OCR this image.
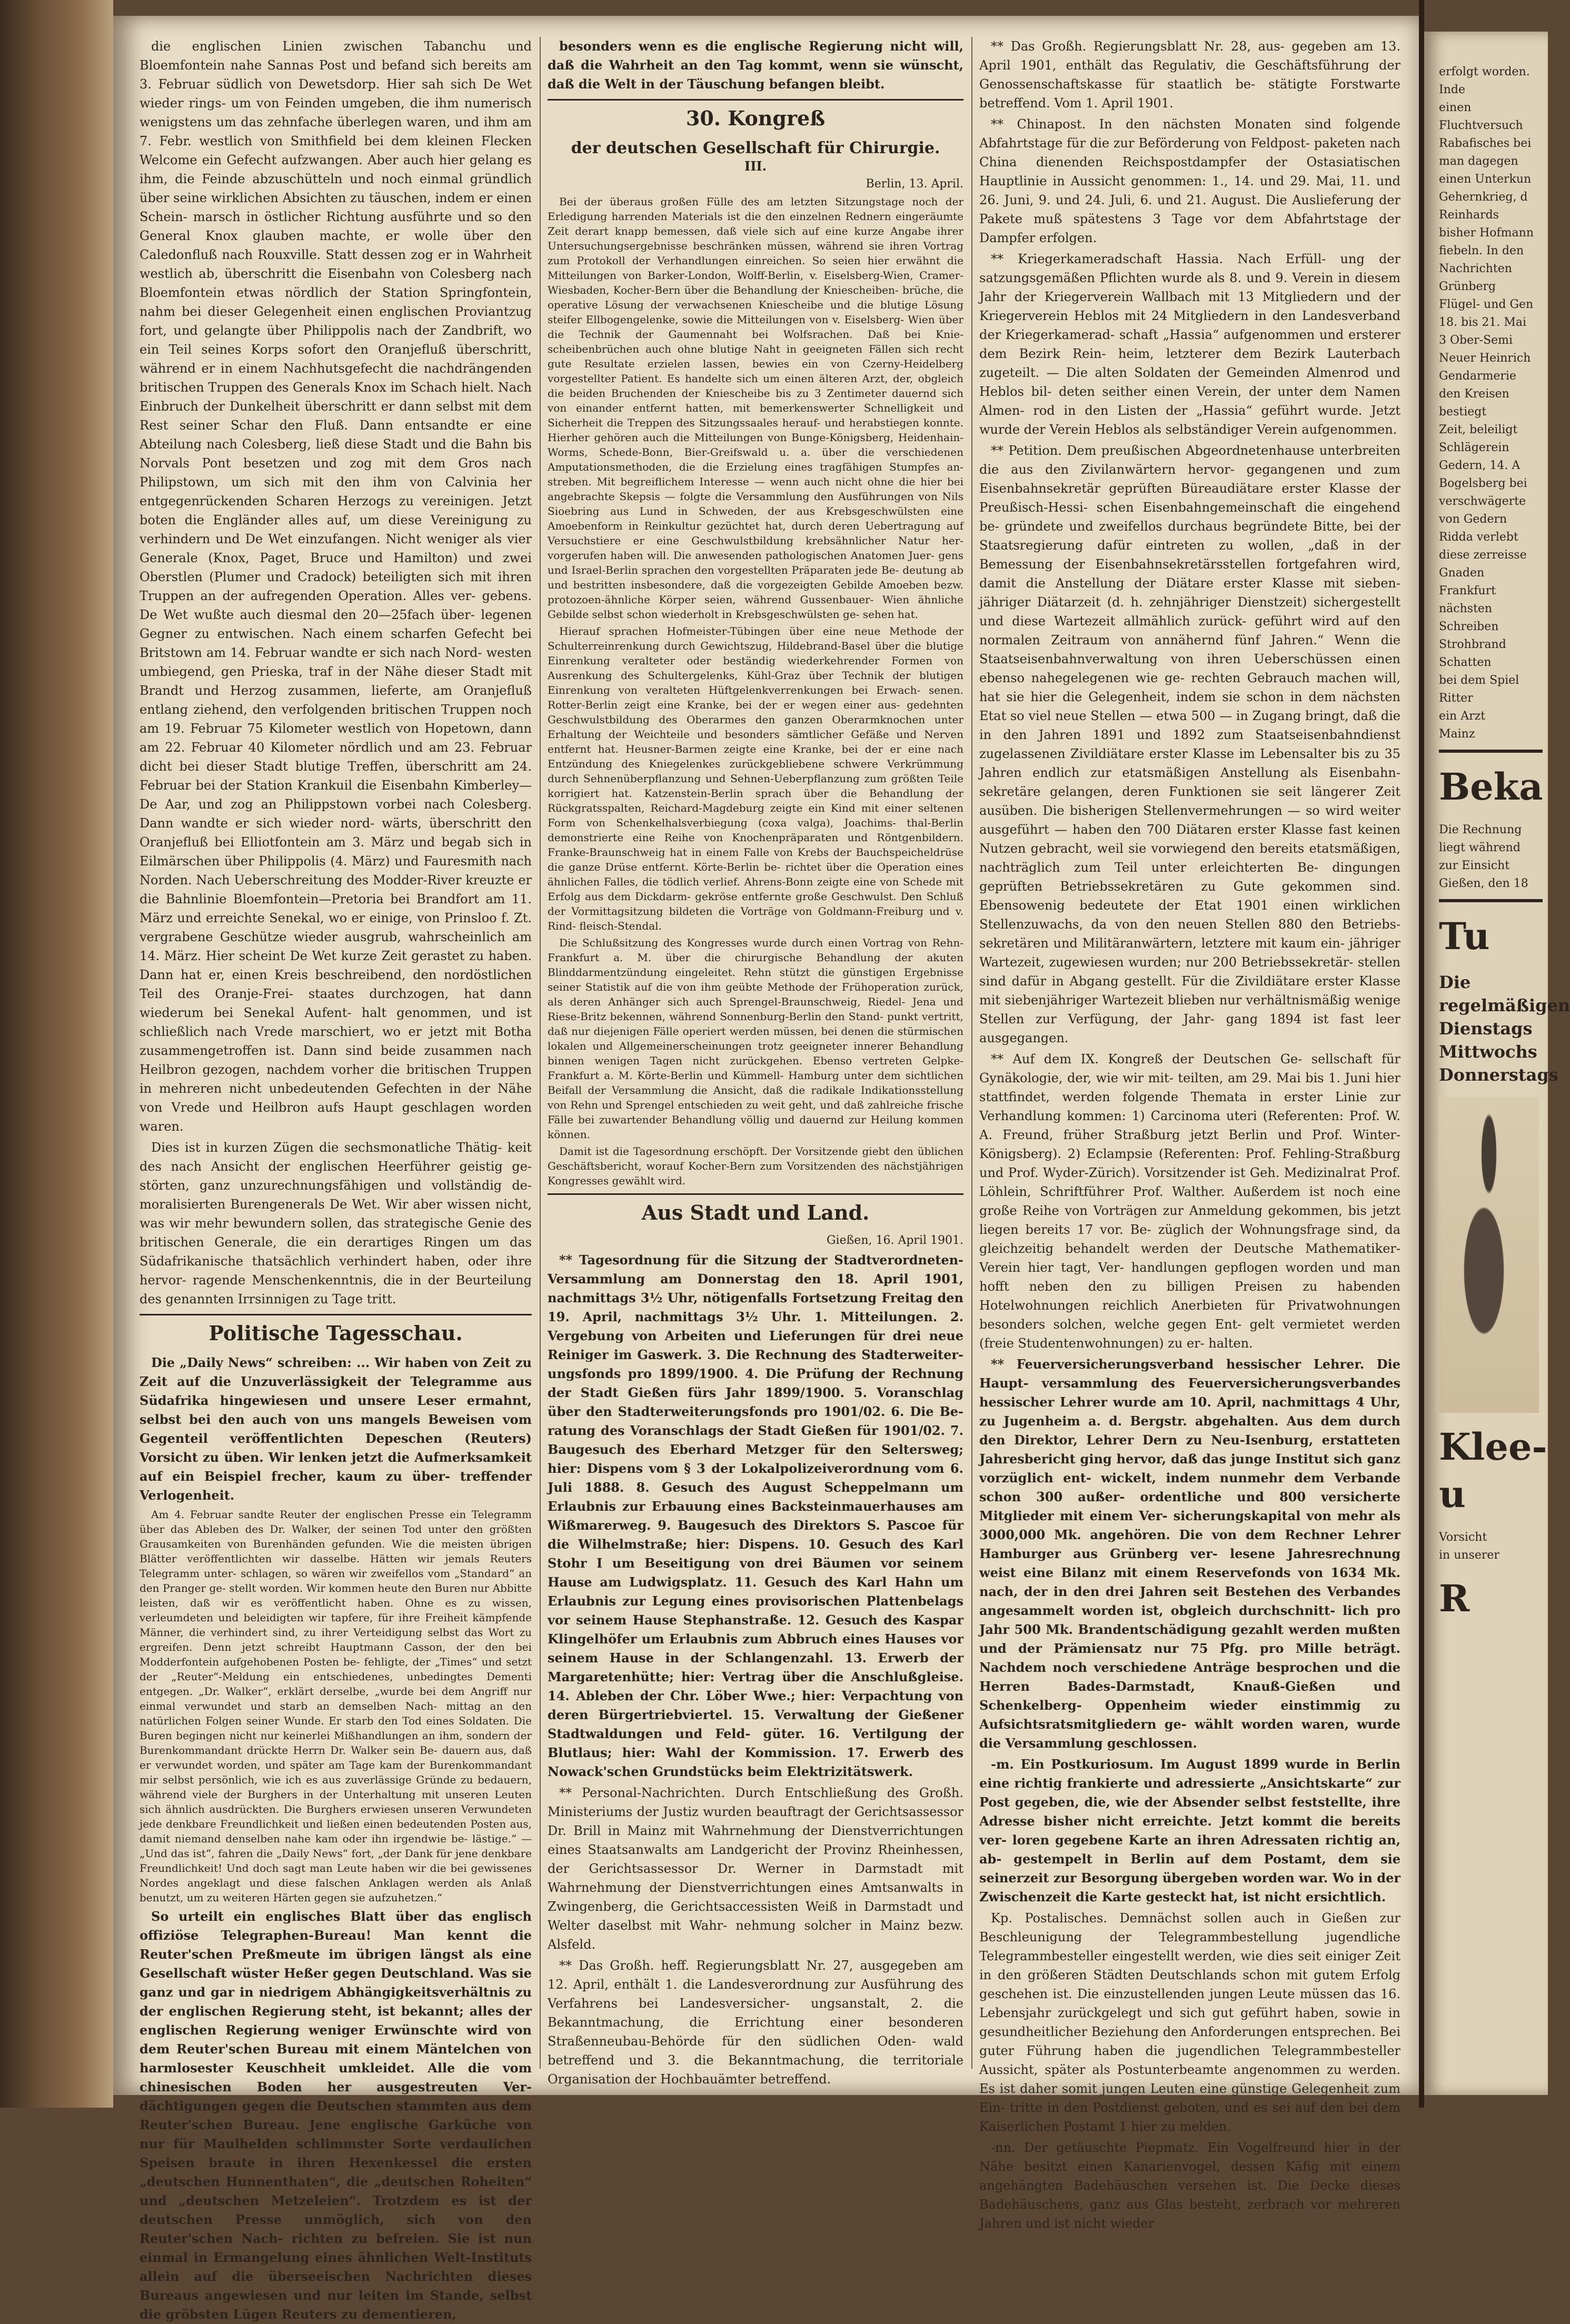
die englischen Linien zwischen Tabanchu und Bloemfontein nahe Sannas Post und befand sich bereits am 3. Februar südlich von Dewetsdorp. Hier sah sich De Wet wieder rings- um von Feinden umgeben, die ihm numerisch wenigstens um das zehnfache überlegen waren, und ihm am 7. Febr. westlich von Smithfield bei dem kleinen Flecken Welcome ein Gefecht aufzwangen. Aber auch hier gelang es ihm, die Feinde abzuschütteln und noch einmal gründlich über seine wirklichen Absichten zu täuschen, indem er einen Schein- marsch in östlicher Richtung ausführte und so den General Knox glauben machte, er wolle über den Caledonfluß nach Rouxville. Statt dessen zog er in Wahrheit westlich ab, überschritt die Eisenbahn von Colesberg nach Bloemfontein etwas nördlich der Station Springfontein, nahm bei dieser Gelegenheit einen englischen Proviantzug fort, und gelangte über Philippolis nach der Zandbrift, wo ein Teil seines Korps sofort den Oranjefluß überschritt, während er in einem Nachhutsgefecht die nachdrängenden britischen Truppen des Generals Knox im Schach hielt. Nach Einbruch der Dunkelheit überschritt er dann selbst mit dem Rest seiner Schar den Fluß. Dann entsandte er eine Abteilung nach Colesberg, ließ diese Stadt und die Bahn bis Norvals Pont besetzen und zog mit dem Gros nach Philipstown, um sich mit den ihm von Calvinia her entgegenrückenden Scharen Herzogs zu vereinigen. Jetzt boten die Engländer alles auf, um diese Vereinigung zu verhindern und De Wet einzufangen. Nicht weniger als vier Generale (Knox, Paget, Bruce und Hamilton) und zwei Oberstlen (Plumer und Cradock) beteiligten sich mit ihren Truppen an der aufregenden Operation. Alles ver- gebens. De Wet wußte auch diesmal den 20—25fach über- legenen Gegner zu entwischen. Nach einem scharfen Gefecht bei Britstown am 14. Februar wandte er sich nach Nord- westen umbiegend, gen Prieska, traf in der Nähe dieser Stadt mit Brandt und Herzog zusammen, lieferte, am Oranjefluß entlang ziehend, den verfolgenden britischen Truppen noch am 19. Februar 75 Kilometer westlich von Hopetown, dann am 22. Februar 40 Kilometer nördlich und am 23. Februar dicht bei dieser Stadt blutige Treffen, überschritt am 24. Februar bei der Station Krankuil die Eisenbahn Kimberley—De Aar, und zog an Philippstown vorbei nach Colesberg. Dann wandte er sich wieder nord- wärts, überschritt den Oranjefluß bei Elliotfontein am 3. März und begab sich in Eilmärschen über Philippolis (4. März) und Fauresmith nach Norden. Nach Ueberschreitung des Modder-River kreuzte er die Bahnlinie Bloemfontein—Pretoria bei Brandfort am 11. März und erreichte Senekal, wo er einige, von Prinsloo f. Zt. vergrabene Geschütze wieder ausgrub, wahrscheinlich am 14. März. Hier scheint De Wet kurze Zeit gerastet zu haben. Dann hat er, einen Kreis beschreibend, den nordöstlichen Teil des Oranje-Frei- staates durchzogen, hat dann wiederum bei Senekal Aufent- halt genommen, und ist schließlich nach Vrede marschiert, wo er jetzt mit Botha zusammengetroffen ist. Dann sind beide zusammen nach Heilbron gezogen, nachdem vorher die britischen Truppen in mehreren nicht unbedeutenden Gefechten in der Nähe von Vrede und Heilbron aufs Haupt geschlagen worden waren.

Dies ist in kurzen Zügen die sechsmonatliche Thätig- keit des nach Ansicht der englischen Heerführer geistig ge- störten, ganz unzurechnungsfähigen und vollständig de- moralisierten Burengenerals De Wet. Wir aber wissen nicht, was wir mehr bewundern sollen, das strategische Genie des britischen Generale, die ein derartiges Ringen um das Südafrikanische thatsächlich verhindert haben, oder ihre hervor- ragende Menschenkenntnis, die in der Beurteilung des genannten Irrsinnigen zu Tage tritt.

Politische Tagesschau.

Die „Daily News“ schreiben: ... Wir haben von Zeit zu Zeit auf die Unzuverlässigkeit der Telegramme aus Südafrika hingewiesen und unsere Leser ermahnt, selbst bei den auch von uns mangels Beweisen vom Gegenteil veröffentlichten Depeschen (Reuters) Vorsicht zu üben. Wir lenken jetzt die Aufmerksamkeit auf ein Beispiel frecher, kaum zu über- treffender Verlogenheit.

Am 4. Februar sandte Reuter der englischen Presse ein Telegramm über das Ableben des Dr. Walker, der seinen Tod unter den größten Grausamkeiten von Burenhänden gefunden. Wie die meisten übrigen Blätter veröffentlichten wir dasselbe. Hätten wir jemals Reuters Telegramm unter- schlagen, so wären wir zweifellos vom „Standard“ an den Pranger ge- stellt worden. Wir kommen heute den Buren nur Abbitte leisten, daß wir es veröffentlicht haben. Ohne es zu wissen, verleumdeten und beleidigten wir tapfere, für ihre Freiheit kämpfende Männer, die verhindert sind, zu ihrer Verteidigung selbst das Wort zu ergreifen. Denn jetzt schreibt Hauptmann Casson, der den bei Modderfontein aufgehobenen Posten be- fehligte, der „Times“ und setzt der „Reuter“-Meldung ein entschiedenes, unbedingtes Dementi entgegen. „Dr. Walker“, erklärt derselbe, „wurde bei dem Angriff nur einmal verwundet und starb an demselben Nach- mittag an den natürlichen Folgen seiner Wunde. Er starb den Tod eines Soldaten. Die Buren begingen nicht nur keinerlei Mißhandlungen an ihm, sondern der Burenkommandant drückte Herrn Dr. Walker sein Be- dauern aus, daß er verwundet worden, und später am Tage kam der Burenkommandant mir selbst persönlich, wie ich es aus zuverlässige Gründe zu bedauern, während viele der Burghers in der Unterhaltung mit unseren Leuten sich ähnlich ausdrückten. Die Burghers erwiesen unseren Verwundeten jede denkbare Freundlichkeit und ließen einen bedeutenden Posten aus, damit niemand denselben nahe kam oder ihn irgendwie be- lästige.“ — „Und das ist“, fahren die „Daily News“ fort, „der Dank für jene denkbare Freundlichkeit! Und doch sagt man Leute haben wir die bei gewissenes Nordes angeklagt und diese falschen Anklagen werden als Anlaß benutzt, um zu weiteren Härten gegen sie aufzuhetzen.“

So urteilt ein englisches Blatt über das englisch offiziöse Telegraphen-Bureau! Man kennt die Reuter'schen Preßmeute im übrigen längst als eine Gesellschaft wüster Heßer gegen Deutschland. Was sie ganz und gar in niedrigem Abhängigkeitsverhältnis zu der englischen Regierung steht, ist bekannt; alles der englischen Regierung weniger Erwünschte wird von dem Reuter'schen Bureau mit einem Mäntelchen von harmlosester Keuschheit umkleidet. Alle die vom chinesischen Boden her ausgestreuten Ver- dächtigungen gegen die Deutschen stammten aus dem Reuter'schen Bureau. Jene englische Garküche von nur für Maulhelden schlimmster Sorte verdaulichen Speisen braute in ihren Hexenkessel die ersten „deutschen Hunnenthaten“, die „deutschen Roheiten“ und „deutschen Metzeleien“. Trotzdem es ist der deutschen Presse unmöglich, sich von den Reuter'schen Nach- richten zu befreien. Sie ist nun einmal in Ermangelung eines ähnlichen Welt-Instituts allein auf die überseeischen Nachrichten dieses Bureaus angewiesen und nur leiten im Stande, selbst die gröbsten Lügen Reuters zu dementieren,

besonders wenn es die englische Regierung nicht will, daß die Wahrheit an den Tag kommt, wenn sie wünscht, daß die Welt in der Täuschung befangen bleibt.

30. Kongreß
der deutschen Gesellschaft für Chirurgie.
III.
Berlin, 13. April.

Bei der überaus großen Fülle des am letzten Sitzungstage noch der Erledigung harrenden Materials ist die den einzelnen Rednern eingeräumte Zeit derart knapp bemessen, daß viele sich auf eine kurze Angabe ihrer Untersuchungsergebnisse beschränken müssen, während sie ihren Vortrag zum Protokoll der Verhandlungen einreichen. So seien hier erwähnt die Mitteilungen von Barker-London, Wolff-Berlin, v. Eiselsberg-Wien, Cramer-Wiesbaden, Kocher-Bern über die Behandlung der Kniescheiben- brüche, die operative Lösung der verwachsenen Kniescheibe und die blutige Lösung steifer Ellbogengelenke, sowie die Mitteilungen von v. Eiselsberg- Wien über die Technik der Gaumennaht bei Wolfsrachen. Daß bei Knie- scheibenbrüchen auch ohne blutige Naht in geeigneten Fällen sich recht gute Resultate erzielen lassen, bewies ein von Czerny-Heidelberg vorgestellter Patient. Es handelte sich um einen älteren Arzt, der, obgleich die beiden Bruchenden der Kniescheibe bis zu 3 Zentimeter dauernd sich von einander entfernt hatten, mit bemerkenswerter Schnelligkeit und Sicherheit die Treppen des Sitzungssaales herauf- und herabstiegen konnte. Hierher gehören auch die Mitteilungen von Bunge-Königsberg, Heidenhain- Worms, Schede-Bonn, Bier-Greifswald u. a. über die verschiedenen Amputationsmethoden, die die Erzielung eines tragfähigen Stumpfes an- streben. Mit begreiflichem Interesse — wenn auch nicht ohne die hier bei angebrachte Skepsis — folgte die Versammlung den Ausführungen von Nils Sioebring aus Lund in Schweden, der aus Krebsgeschwülsten eine Amoebenform in Reinkultur gezüchtet hat, durch deren Uebertragung auf Versuchstiere er eine Geschwulstbildung krebsähnlicher Natur her- vorgerufen haben will. Die anwesenden pathologischen Anatomen Juer- gens und Israel-Berlin sprachen den vorgestellten Präparaten jede Be- deutung ab und bestritten insbesondere, daß die vorgezeigten Gebilde Amoeben bezw. protozoen-ähnliche Körper seien, während Gussenbauer- Wien ähnliche Gebilde selbst schon wiederholt in Krebsgeschwülsten ge- sehen hat.

Hierauf sprachen Hofmeister-Tübingen über eine neue Methode der Schulterreinrenkung durch Gewichtszug, Hildebrand-Basel über die blutige Einrenkung veralteter oder beständig wiederkehrender Formen von Ausrenkung des Schultergelenks, Kühl-Graz über Technik der blutigen Einrenkung von veralteten Hüftgelenkverrenkungen bei Erwach- senen. Rotter-Berlin zeigt eine Kranke, bei der er wegen einer aus- gedehnten Geschwulstbildung des Oberarmes den ganzen Oberarmknochen unter Erhaltung der Weichteile und besonders sämtlicher Gefäße und Nerven entfernt hat. Heusner-Barmen zeigte eine Kranke, bei der er eine nach Entzündung des Kniegelenkes zurückgebliebene schwere Verkrümmung durch Sehnenüberpflanzung und Sehnen-Ueberpflanzung zum größten Teile korrigiert hat. Katzenstein-Berlin sprach über die Behandlung der Rückgratsspalten, Reichard-Magdeburg zeigte ein Kind mit einer seltenen Form von Schenkelhalsverbiegung (coxa valga), Joachims- thal-Berlin demonstrierte eine Reihe von Knochenpräparaten und Röntgenbildern. Franke-Braunschweig hat in einem Falle von Krebs der Bauchspeicheldrüse die ganze Drüse entfernt. Körte-Berlin be- richtet über die Operation eines ähnlichen Falles, die tödlich verlief. Ahrens-Bonn zeigte eine von Schede mit Erfolg aus dem Dickdarm- gekröse entfernte große Geschwulst. Den Schluß der Vormittagsitzung bildeten die Vorträge von Goldmann-Freiburg und v. Rind- fleisch-Stendal.

Die Schlußsitzung des Kongresses wurde durch einen Vortrag von Rehn-Frankfurt a. M. über die chirurgische Behandlung der akuten Blinddarmentzündung eingeleitet. Rehn stützt die günstigen Ergebnisse seiner Statistik auf die von ihm geübte Methode der Frühoperation zurück, als deren Anhänger sich auch Sprengel-Braunschweig, Riedel- Jena und Riese-Britz bekennen, während Sonnenburg-Berlin den Stand- punkt vertritt, daß nur diejenigen Fälle operiert werden müssen, bei denen die stürmischen lokalen und Allgemeinerscheinungen trotz geeigneter innerer Behandlung binnen wenigen Tagen nicht zurückgehen. Ebenso vertreten Gelpke-Frankfurt a. M. Körte-Berlin und Kümmell- Hamburg unter dem sichtlichen Beifall der Versammlung die Ansicht, daß die radikale Indikationsstellung von Rehn und Sprengel entschieden zu weit geht, und daß zahlreiche frische Fälle bei zuwartender Behandlung völlig und dauernd zur Heilung kommen können.

Damit ist die Tagesordnung erschöpft. Der Vorsitzende giebt den üblichen Geschäftsbericht, worauf Kocher-Bern zum Vorsitzenden des nächstjährigen Kongresses gewählt wird.

Aus Stadt und Land.
Gießen, 16. April 1901.

** Tagesordnung für die Sitzung der Stadtverordneten- Versammlung am Donnerstag den 18. April 1901, nachmittags 3½ Uhr, nötigenfalls Fortsetzung Freitag den 19. April, nachmittags 3½ Uhr. 1. Mitteilungen. 2. Vergebung von Arbeiten und Lieferungen für drei neue Reiniger im Gaswerk. 3. Die Rechnung des Stadterweiter- ungsfonds pro 1899/1900. 4. Die Prüfung der Rechnung der Stadt Gießen fürs Jahr 1899/1900. 5. Voranschlag über den Stadterweiterungsfonds pro 1901/02. 6. Die Be- ratung des Voranschlags der Stadt Gießen für 1901/02. 7. Baugesuch des Eberhard Metzger für den Seltersweg; hier: Dispens vom § 3 der Lokalpolizeiverordnung vom 6. Juli 1888. 8. Gesuch des August Scheppelmann um Erlaubnis zur Erbauung eines Backsteinmauerhauses am Wißmarerweg. 9. Baugesuch des Direktors S. Pascoe für die Wilhelmstraße; hier: Dispens. 10. Gesuch des Karl Stohr I um Beseitigung von drei Bäumen vor seinem Hause am Ludwigsplatz. 11. Gesuch des Karl Hahn um Erlaubnis zur Legung eines provisorischen Plattenbelags vor seinem Hause Stephanstraße. 12. Gesuch des Kaspar Klingelhöfer um Erlaubnis zum Abbruch eines Hauses vor seinem Hause in der Schlangenzahl. 13. Erwerb der Margaretenhütte; hier: Vertrag über die Anschlußgleise. 14. Ableben der Chr. Löber Wwe.; hier: Verpachtung von deren Bürgertriebviertel. 15. Verwaltung der Gießener Stadtwaldungen und Feld- güter. 16. Vertilgung der Blutlaus; hier: Wahl der Kommission. 17. Erwerb des Nowack'schen Grundstücks beim Elektrizitätswerk.

** Personal-Nachrichten. Durch Entschließung des Großh. Ministeriums der Justiz wurden beauftragt der Gerichtsassessor Dr. Brill in Mainz mit Wahrnehmung der Dienstverrichtungen eines Staatsanwalts am Landgericht der Provinz Rheinhessen, der Gerichtsassessor Dr. Werner in Darmstadt mit Wahrnehmung der Dienstverrichtungen eines Amtsanwalts in Zwingenberg, die Gerichtsaccessisten Weiß in Darmstadt und Welter daselbst mit Wahr- nehmung solcher in Mainz bezw. Alsfeld.

** Das Großh. heff. Regierungsblatt Nr. 27, ausgegeben am 12. April, enthält 1. die Landesverordnung zur Ausführung des Verfahrens bei Landesversicher- ungsanstalt, 2. die Bekanntmachung, die Errichtung einer besonderen Straßenneubau-Behörde für den südlichen Oden- wald betreffend und 3. die Bekanntmachung, die territoriale Organisation der Hochbauämter betreffend.

** Das Großh. Regierungsblatt Nr. 28, aus- gegeben am 13. April 1901, enthält das Regulativ, die Geschäftsführung der Genossenschaftskasse für staatlich be- stätigte Forstwarte betreffend. Vom 1. April 1901.

** Chinapost. In den nächsten Monaten sind folgende Abfahrtstage für die zur Beförderung von Feldpost- paketen nach China dienenden Reichspostdampfer der Ostasiatischen Hauptlinie in Aussicht genommen: 1., 14. und 29. Mai, 11. und 26. Juni, 9. und 24. Juli, 6. und 21. August. Die Auslieferung der Pakete muß spätestens 3 Tage vor dem Abfahrtstage der Dampfer erfolgen.

** Kriegerkameradschaft Hassia. Nach Erfüll- ung der satzungsgemäßen Pflichten wurde als 8. und 9. Verein in diesem Jahr der Kriegerverein Wallbach mit 13 Mitgliedern und der Kriegerverein Heblos mit 24 Mitgliedern in den Landesverband der Kriegerkamerad- schaft „Hassia“ aufgenommen und ersterer dem Bezirk Rein- heim, letzterer dem Bezirk Lauterbach zugeteilt. — Die alten Soldaten der Gemeinden Almenrod und Heblos bil- deten seither einen Verein, der unter dem Namen Almen- rod in den Listen der „Hassia“ geführt wurde. Jetzt wurde der Verein Heblos als selbständiger Verein aufgenommen.

** Petition. Dem preußischen Abgeordnetenhause unterbreiten die aus den Zivilanwärtern hervor- gegangenen und zum Eisenbahnsekretär geprüften Büreaudiätare erster Klasse der Preußisch-Hessi- schen Eisenbahngemeinschaft die eingehend be- gründete und zweifellos durchaus begründete Bitte, bei der Staatsregierung dafür eintreten zu wollen, „daß in der Bemessung der Eisenbahnsekretärsstellen fortgefahren wird, damit die Anstellung der Diätare erster Klasse mit sieben- jähriger Diätarzeit (d. h. zehnjähriger Dienstzeit) sichergestellt und diese Wartezeit allmählich zurück- geführt wird auf den normalen Zeitraum von annähernd fünf Jahren.“ Wenn die Staatseisenbahnverwaltung von ihren Ueberschüssen einen ebenso nahegelegenen wie ge- rechten Gebrauch machen will, hat sie hier die Gelegenheit, indem sie schon in dem nächsten Etat so viel neue Stellen — etwa 500 — in Zugang bringt, daß die in den Jahren 1891 und 1892 zum Staatseisenbahndienst zugelassenen Zivildiätare erster Klasse im Lebensalter bis zu 35 Jahren endlich zur etatsmäßigen Anstellung als Eisenbahn- sekretäre gelangen, deren Funktionen sie seit längerer Zeit ausüben. Die bisherigen Stellenvermehrungen — so wird weiter ausgeführt — haben den 700 Diätaren erster Klasse fast keinen Nutzen gebracht, weil sie vorwiegend den bereits etatsmäßigen, nachträglich zum Teil unter erleichterten Be- dingungen geprüften Betriebssekretären zu Gute gekommen sind. Ebensowenig bedeutete der Etat 1901 einen wirklichen Stellenzuwachs, da von den neuen Stellen 880 den Betriebs- sekretären und Militäranwärtern, letztere mit kaum ein- jähriger Wartezeit, zugewiesen wurden; nur 200 Betriebssekretär- stellen sind dafür in Abgang gestellt. Für die Zivildiätare erster Klasse mit siebenjähriger Wartezeit blieben nur verhältnismäßig wenige Stellen zur Verfügung, der Jahr- gang 1894 ist fast leer ausgegangen.

** Auf dem IX. Kongreß der Deutschen Ge- sellschaft für Gynäkologie, der, wie wir mit- teilten, am 29. Mai bis 1. Juni hier stattfindet, werden folgende Themata in erster Linie zur Verhandlung kommen: 1) Carcinoma uteri (Referenten: Prof. W. A. Freund, früher Straßburg jetzt Berlin und Prof. Winter-Königsberg). 2) Eclampsie (Referenten: Prof. Fehling-Straßburg und Prof. Wyder-Zürich). Vorsitzender ist Geh. Medizinalrat Prof. Löhlein, Schriftführer Prof. Walther. Außerdem ist noch eine große Reihe von Vorträgen zur Anmeldung gekommen, bis jetzt liegen bereits 17 vor. Be- züglich der Wohnungsfrage sind, da gleichzeitig behandelt werden der Deutsche Mathematiker-Verein hier tagt, Ver- handlungen gepflogen worden und man hofft neben den zu billigen Preisen zu habenden Hotelwohnungen reichlich Anerbieten für Privatwohnungen besonders solchen, welche gegen Ent- gelt vermietet werden (freie Studentenwohnungen) zu er- halten.

** Feuerversicherungsverband hessischer Lehrer. Die Haupt- versammlung des Feuerversicherungsverbandes hessischer Lehrer wurde am 10. April, nachmittags 4 Uhr, zu Jugenheim a. d. Bergstr. abgehalten. Aus dem durch den Direktor, Lehrer Dern zu Neu-Isenburg, erstatteten Jahresbericht ging hervor, daß das junge Institut sich ganz vorzüglich ent- wickelt, indem nunmehr dem Verbande schon 300 außer- ordentliche und 800 versicherte Mitglieder mit einem Ver- sicherungskapital von mehr als 3000,000 Mk. angehören. Die von dem Rechner Lehrer Hamburger aus Grünberg ver- lesene Jahresrechnung weist eine Bilanz mit einem Reservefonds von 1634 Mk. nach, der in den drei Jahren seit Bestehen des Verbandes angesammelt worden ist, obgleich durchschnitt- lich pro Jahr 500 Mk. Brandentschädigung gezahlt werden mußten und der Prämiensatz nur 75 Pfg. pro Mille beträgt. Nachdem noch verschiedene Anträge besprochen und die Herren Bades-Darmstadt, Knauß-Gießen und Schenkelberg- Oppenheim wieder einstimmig zu Aufsichtsratsmitgliedern ge- wählt worden waren, wurde die Versammlung geschlossen.

-m. Ein Postkuriosum. Im August 1899 wurde in Berlin eine richtig frankierte und adressierte „Ansichtskarte“ zur Post gegeben, die, wie der Absender selbst feststellte, ihre Adresse bisher nicht erreichte. Jetzt kommt die bereits ver- loren gegebene Karte an ihren Adressaten richtig an, ab- gestempelt in Berlin auf dem Postamt, dem sie seinerzeit zur Besorgung übergeben worden war. Wo in der Zwischenzeit die Karte gesteckt hat, ist nicht ersichtlich.

Kp. Postalisches. Demnächst sollen auch in Gießen zur Beschleunigung der Telegrammbestellung jugendliche Telegrammbesteller eingestellt werden, wie dies seit einiger Zeit in den größeren Städten Deutschlands schon mit gutem Erfolg geschehen ist. Die einzustellenden jungen Leute müssen das 16. Lebensjahr zurückgelegt und sich gut geführt haben, sowie in gesundheitlicher Beziehung den Anforderungen entsprechen. Bei guter Führung haben die jugendlichen Telegrammbesteller Aussicht, später als Postunterbeamte angenommen zu werden. Es ist daher somit jungen Leuten eine günstige Gelegenheit zum Ein- tritte in den Postdienst geboten, und es sei auf den bei dem Kaiserlichen Postamt 1 hier zu melden.

-nn. Der getäuschte Piepmatz. Ein Vogelfreund hier in der Nähe besitzt einen Kanarienvogel, dessen Käfig mit einem angehängten Badehäuschen versehen ist. Die Decke dieses Badehäuschens, ganz aus Glas besteht, zerbrach vor mehreren Jahren und ist nicht wieder

erfolgt worden. Inde
einen Fluchtversuch
Rabafisches bei
man dagegen
einen Unterkun
Gehernkrieg, d
Reinhards
bisher Hofmann
fiebeln. In den
Nachrichten
Grünberg
Flügel- und Gen
18. bis 21. Mai
3 Ober-Semi
Neuer Heinrich
Gendarmerie
den Kreisen
bestiegt
Zeit, beleiligt
Schlägerein
Gedern, 14. A
Bogelsberg bei
verschwägerte
von Gedern
Ridda verlebt
diese zerreisse
Gnaden
Frankfurt
nächsten
Schreiben
Strohbrand
Schatten
bei dem Spiel
Ritter
ein Arzt
Mainz
Beka
Die Rechnung
liegt während
zur Einsicht
Gießen, den 18
Tu
Die regelmäßigen
Dienstags
Mittwochs
Donnerstags
Klee-u
Vorsicht
in unserer
R
